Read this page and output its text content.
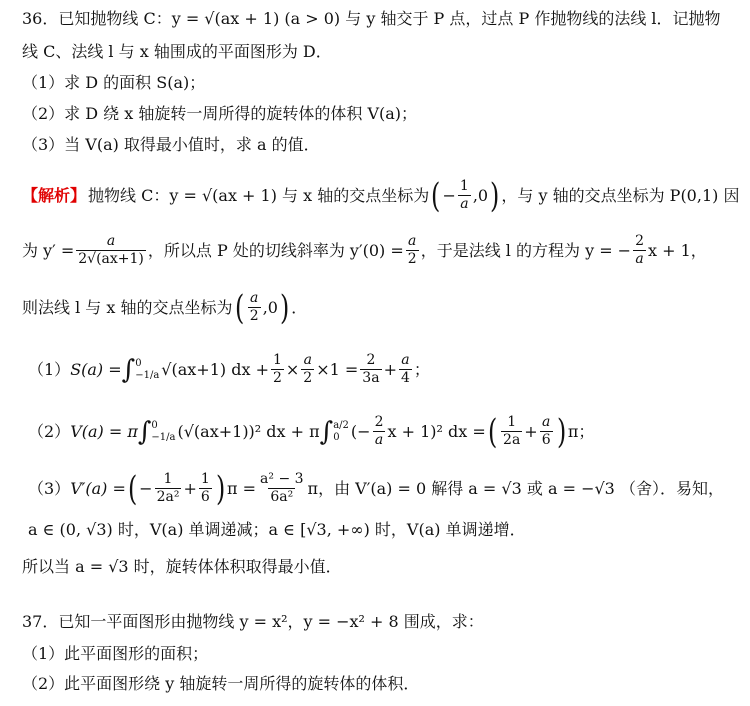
36．已知抛物线 C：y = √(ax + 1) (a > 0) 与 y 轴交于 P 点，过点 P 作抛物线的法线 l．记抛物
线 C、法线 l 与 x 轴围成的平面图形为 D．
（1）求 D 的面积 S(a)；
（2）求 D 绕 x 轴旋转一周所得的旋转体的体积 V(a)；
（3）当 V(a) 取得最小值时，求 a 的值．
【解析】 抛物线 C：y = √(ax + 1) 与 x 轴的交点坐标为 ( − $\frac{1}{a} ,0$ ) ，与 y 轴的交点坐标为 P(0,1) 因
为 $y' = \frac{a}{2√(ax+1)}$ ，所以点 P 处的切线斜率为 $y'(0) = \frac{a}{2}$ ，于是法线 l 的方程为 y = − $\frac{2}{a}$ x + 1，
则法线 l 与 x 轴的交点坐标为 ( $\frac{a}{2} ,0$ ) ．
（1） S(a) = ∫ 0
−1/a √(ax+1) dx + $\frac{1}{2} \times \frac{a}{2} \times 1 = \frac{2}{3a} + \frac{a}{4}$ ；
（2） V(a) = π ∫ 0
−1/a (√(ax+1))² dx + π ∫ a/2
0 (− $\frac{2}{a}$ x + 1)² dx = ( $\frac{1}{2a} + \frac{a}{6}$ ) π；
（3） V′(a) = ( − $\frac{1}{\text{2a²}} + \frac{1}{6}$ ) $\pi = \frac{\text{a² − 3}}{\text{6a²}}$ π，由 V′(a) = 0 解得 a = √3 或 a = −√3 （舍）．易知，
a ∈ (0, √3) 时，V(a) 单调递减；a ∈ [√3, +∞) 时，V(a) 单调递增．
所以当 a = √3 时，旋转体体积取得最小值．
37．已知一平面图形由抛物线 y = x²，y = −x² + 8 围成，求：
（1）此平面图形的面积；
（2）此平面图形绕 y 轴旋转一周所得的旋转体的体积．
